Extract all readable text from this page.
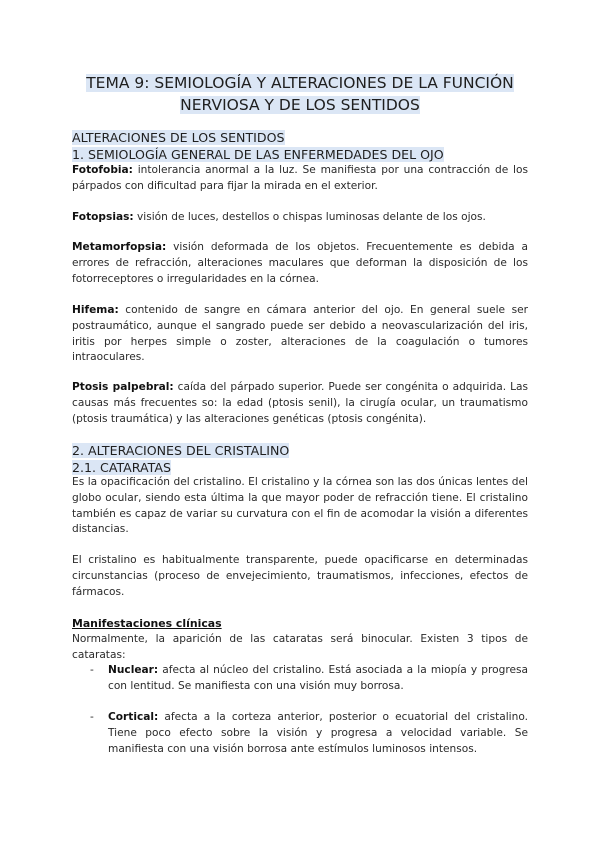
TEMA 9: SEMIOLOGÍA Y ALTERACIONES DE LA FUNCIÓN
NERVIOSA Y DE LOS SENTIDOS
ALTERACIONES DE LOS SENTIDOS
1. SEMIOLOGÍA GENERAL DE LAS ENFERMEDADES DEL OJO
Fotofobia: intolerancia anormal a la luz. Se manifiesta por una contracción de los párpados con dificultad para fijar la mirada en el exterior.
Fotopsias: visión de luces, destellos o chispas luminosas delante de los ojos.
Metamorfopsia: visión deformada de los objetos. Frecuentemente es debida a errores de refracción, alteraciones maculares que deforman la disposición de los fotorreceptores o irregularidades en la córnea.
Hifema: contenido de sangre en cámara anterior del ojo. En general suele ser postraumático, aunque el sangrado puede ser debido a neovascularización del iris, iritis por herpes simple o zoster, alteraciones de la coagulación o tumores intraoculares.
Ptosis palpebral: caída del párpado superior. Puede ser congénita o adquirida. Las causas más frecuentes so: la edad (ptosis senil), la cirugía ocular, un traumatismo (ptosis traumática) y las alteraciones genéticas (ptosis congénita).
2. ALTERACIONES DEL CRISTALINO
2.1. CATARATAS
Es la opacificación del cristalino. El cristalino y la córnea son las dos únicas lentes del globo ocular, siendo esta última la que mayor poder de refracción tiene. El cristalino también es capaz de variar su curvatura con el fin de acomodar la visión a diferentes distancias.
El cristalino es habitualmente transparente, puede opacificarse en determinadas circunstancias (proceso de envejecimiento, traumatismos, infecciones, efectos de fármacos.
Manifestaciones clínicas
Normalmente, la aparición de las cataratas será binocular. Existen 3 tipos de cataratas:
- Nuclear: afecta al núcleo del cristalino. Está asociada a la miopía y progresa con lentitud. Se manifiesta con una visión muy borrosa.
- Cortical: afecta a la corteza anterior, posterior o ecuatorial del cristalino. Tiene poco efecto sobre la visión y progresa a velocidad variable. Se manifiesta con una visión borrosa ante estímulos luminosos intensos.
